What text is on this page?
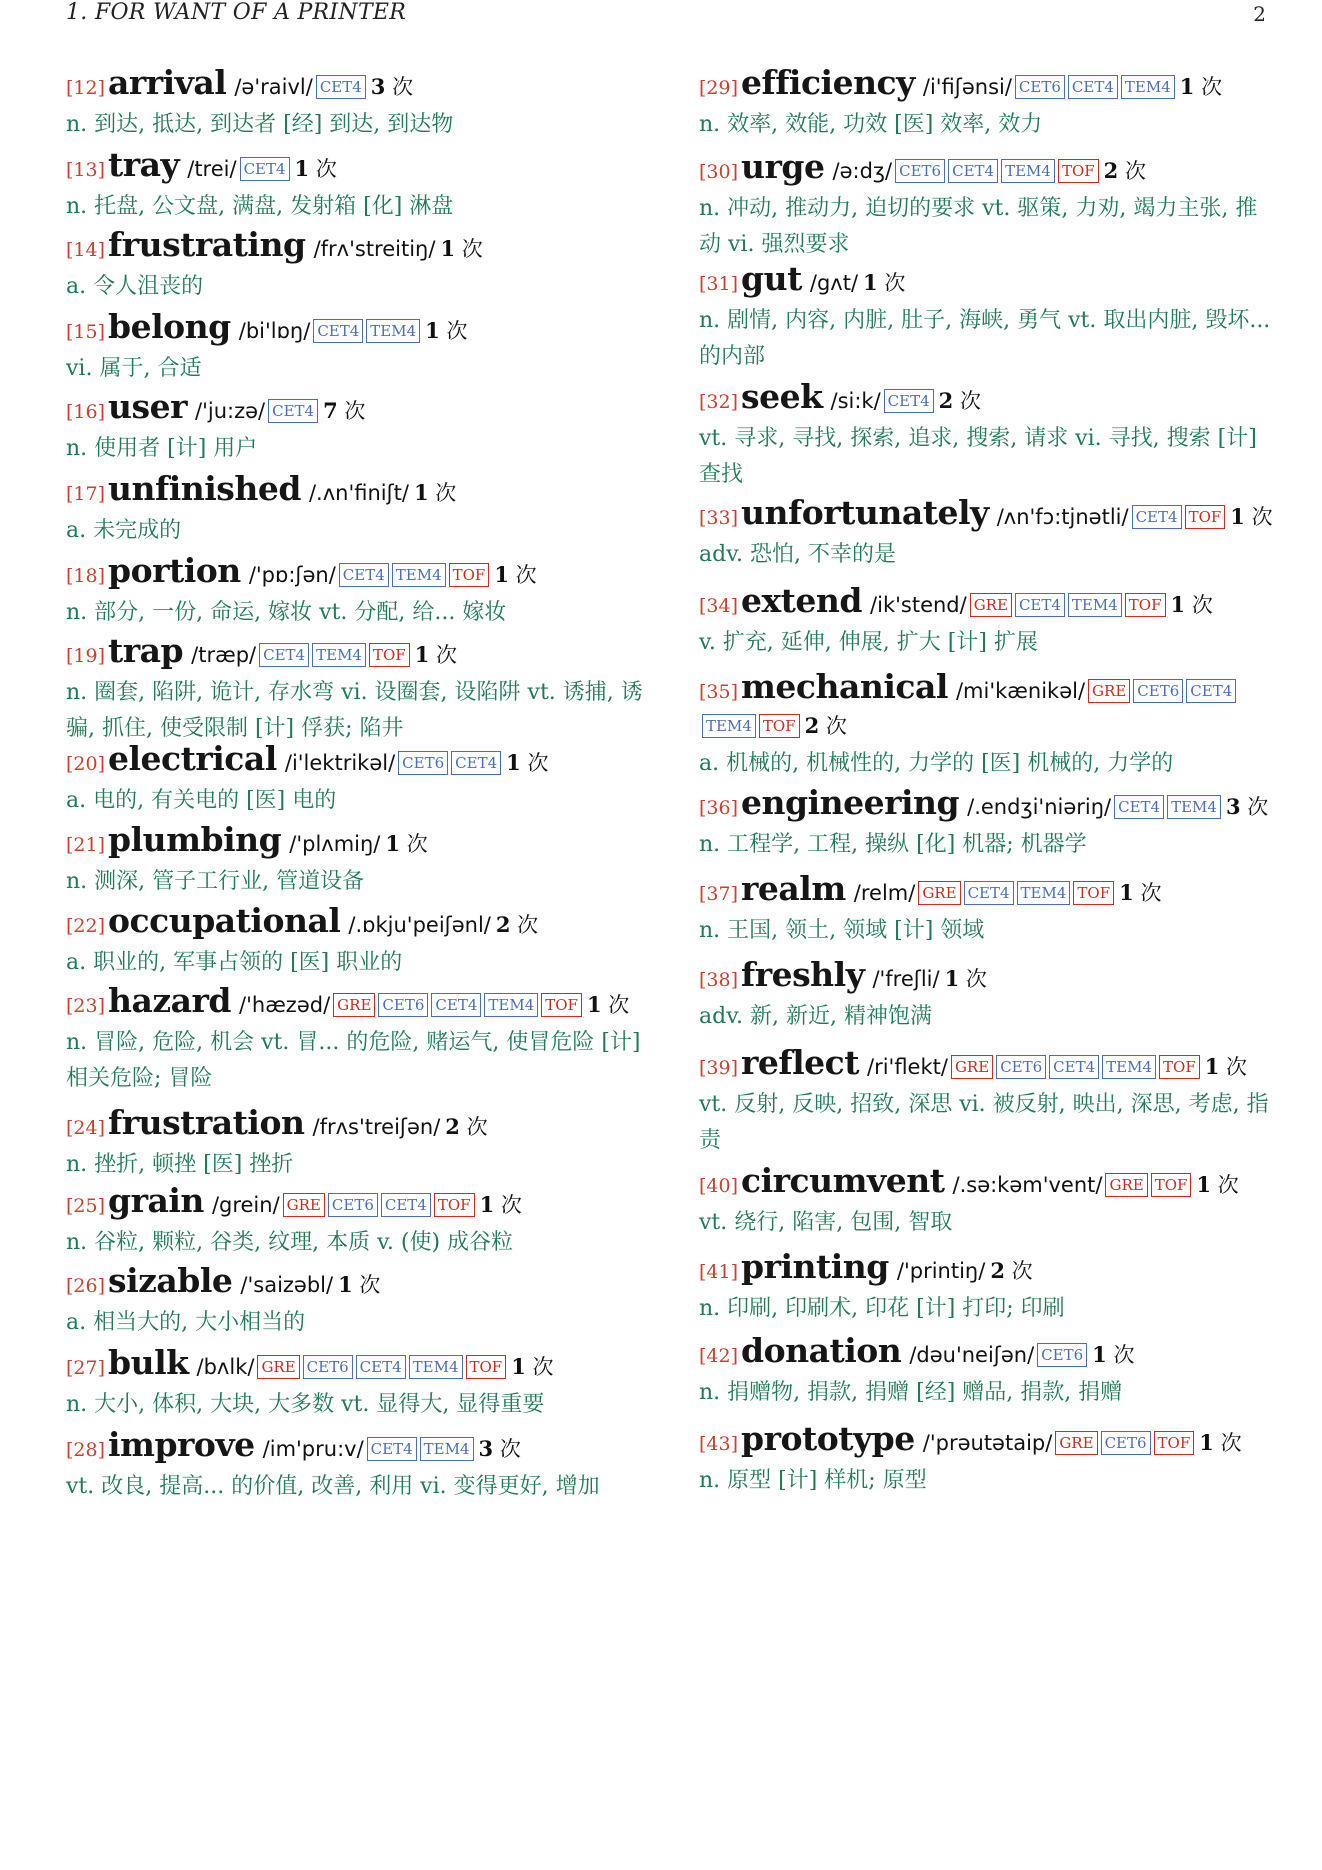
1. FOR WANT OF A PRINTER	2
[12]arrival /ə'raivl/ CET4 3 次
n. 到达, 抵达, 到达者 [经] 到达, 到达物
[13]tray /trei/ CET4 1 次
n. 托盘, 公文盘, 满盘, 发射箱 [化] 淋盘
[14]frustrating /frʌ'streitiŋ/ 1 次
a. 令人沮丧的
[15]belong /bi'lɒŋ/ CET4 TEM4 1 次
vi. 属于, 合适
[16]user /'ju:zə/ CET4 7 次
n. 使用者 [计] 用户
[17]unfinished /.ʌn'finiʃt/ 1 次
a. 未完成的
[18]portion /'pɒ:ʃən/ CET4 TEM4 TOF 1 次
n. 部分, 一份, 命运, 嫁妆 vt. 分配, 给... 嫁妆
[19]trap /træp/ CET4 TEM4 TOF 1 次
n. 圈套, 陷阱, 诡计, 存水弯 vi. 设圈套, 设陷阱 vt. 诱捕, 诱骗, 抓住, 使受限制 [计] 俘获; 陷井
[20]electrical /i'lektrikəl/ CET6 CET4 1 次
a. 电的, 有关电的 [医] 电的
[21]plumbing /'plʌmiŋ/ 1 次
n. 测深, 管子工行业, 管道设备
[22]occupational /.ɒkju'peiʃənl/ 2 次
a. 职业的, 军事占领的 [医] 职业的
[23]hazard /'hæzəd/ GRE CET6 CET4 TEM4 TOF 1 次
n. 冒险, 危险, 机会 vt. 冒... 的危险, 赌运气, 使冒危险 [计] 相关危险; 冒险
[24]frustration /frʌs'treiʃən/ 2 次
n. 挫折, 顿挫 [医] 挫折
[25]grain /grein/ GRE CET6 CET4 TOF 1 次
n. 谷粒, 颗粒, 谷类, 纹理, 本质 v. (使) 成谷粒
[26]sizable /'saizəbl/ 1 次
a. 相当大的, 大小相当的
[27]bulk /bʌlk/ GRE CET6 CET4 TEM4 TOF 1 次
n. 大小, 体积, 大块, 大多数 vt. 显得大, 显得重要
[28]improve /im'pru:v/ CET4 TEM4 3 次
vt. 改良, 提高... 的价值, 改善, 利用 vi. 变得更好, 增加
[29]efficiency /i'fiʃənsi/ CET6 CET4 TEM4 1 次
n. 效率, 效能, 功效 [医] 效率, 效力
[30]urge /ə:dʒ/ CET6 CET4 TEM4 TOF 2 次
n. 冲动, 推动力, 迫切的要求 vt. 驱策, 力劝, 竭力主张, 推动 vi. 强烈要求
[31]gut /gʌt/ 1 次
n. 剧情, 内容, 内脏, 肚子, 海峡, 勇气 vt. 取出内脏, 毁坏... 的内部
[32]seek /si:k/ CET4 2 次
vt. 寻求, 寻找, 探索, 追求, 搜索, 请求 vi. 寻找, 搜索 [计] 查找
[33]unfortunately /ʌn'fɔ:tjnətli/ CET4 TOF 1 次
adv. 恐怕, 不幸的是
[34]extend /ik'stend/ GRE CET4 TEM4 TOF 1 次
v. 扩充, 延伸, 伸展, 扩大 [计] 扩展
[35]mechanical /mi'kænikəl/ GRE CET6 CET4TEM4 TOF 2 次
a. 机械的, 机械性的, 力学的 [医] 机械的, 力学的
[36]engineering /.endʒi'niəriŋ/ CET4 TEM4 3 次
n. 工程学, 工程, 操纵 [化] 机器; 机器学
[37]realm /relm/ GRE CET4 TEM4 TOF 1 次
n. 王国, 领土, 领域 [计] 领域
[38]freshly /'freʃli/ 1 次
adv. 新, 新近, 精神饱满
[39]reflect /ri'flekt/ GRE CET6 CET4 TEM4 TOF 1 次
vt. 反射, 反映, 招致, 深思 vi. 被反射, 映出, 深思, 考虑, 指责
[40]circumvent /.sə:kəm'vent/ GRE TOF 1 次
vt. 绕行, 陷害, 包围, 智取
[41]printing /'printiŋ/ 2 次
n. 印刷, 印刷术, 印花 [计] 打印; 印刷
[42]donation /dəu'neiʃən/ CET6 1 次
n. 捐赠物, 捐款, 捐赠 [经] 赠品, 捐款, 捐赠
[43]prototype /'prəutətaip/ GRE CET6 TOF 1 次
n. 原型 [计] 样机; 原型
